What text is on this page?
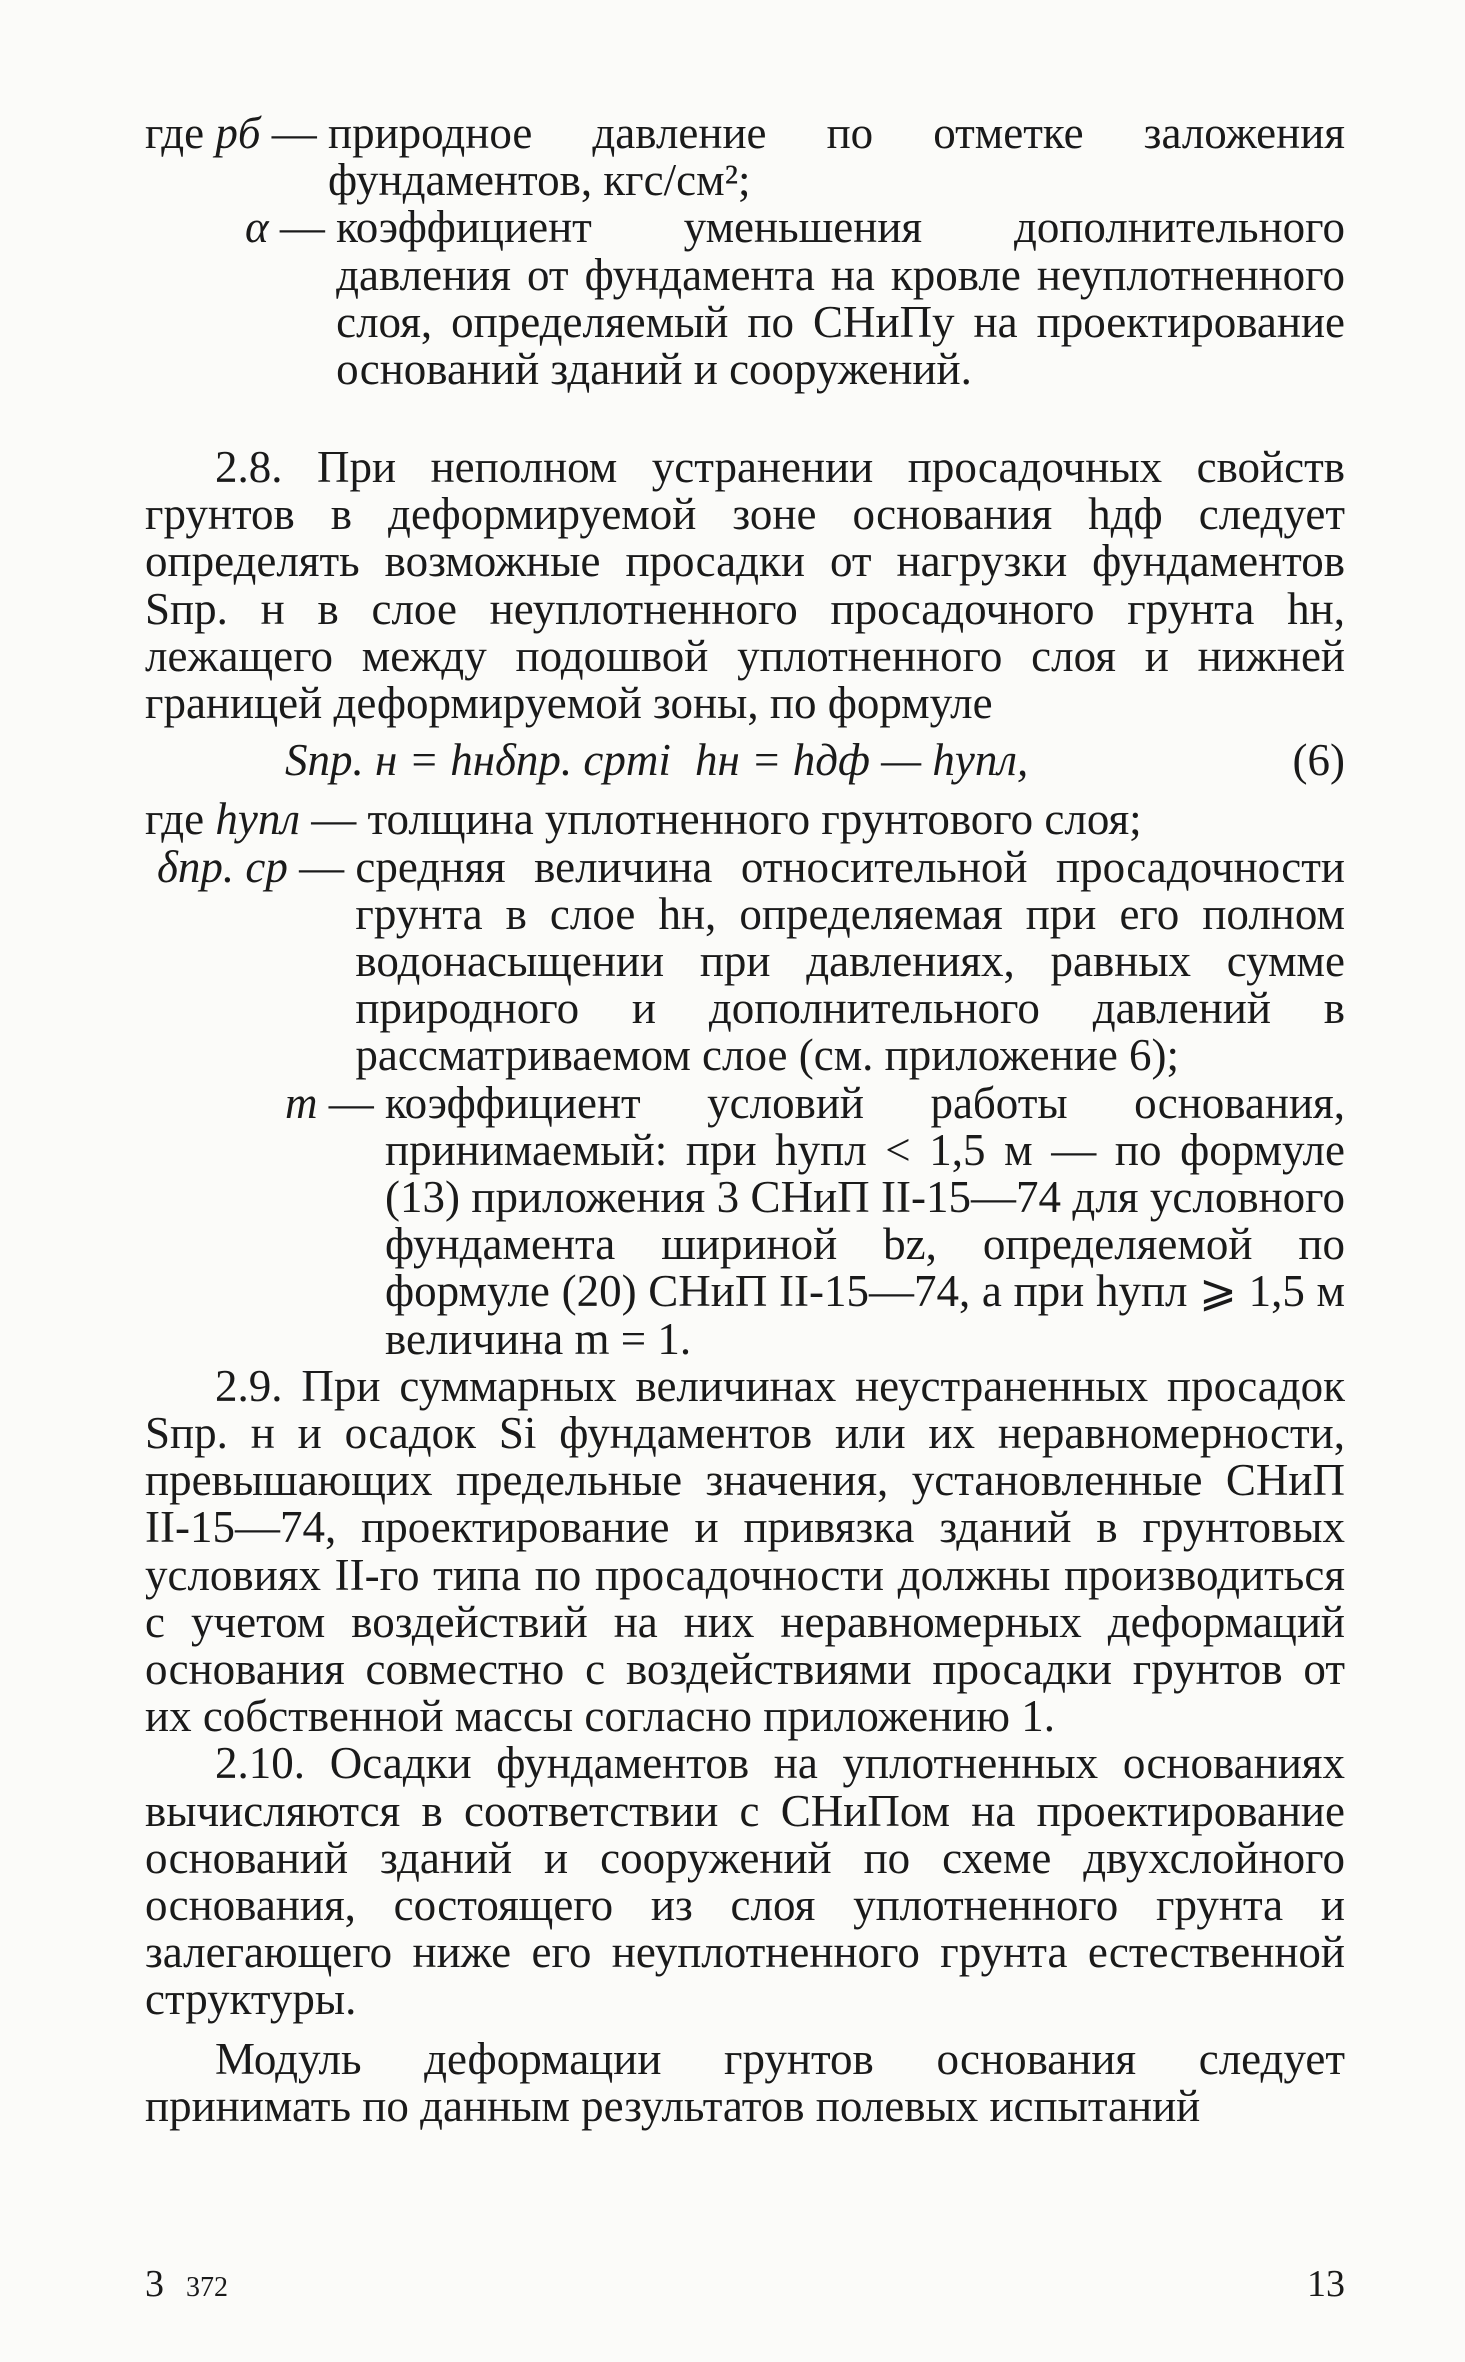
где pб — природное давление по отметке заложения фундаментов, кгс/см²;
α — коэффициент уменьшения дополнительного давления от фундамента на кровле неуплотненного слоя, определяемый по СНиПу на проектирование оснований зданий и сооружений.

2.8. При неполном устранении просадочных свойств грунтов в деформируемой зоне основания hдф следует определять возможные просадки от нагрузки фундаментов Sпр. н в слое неуплотненного просадочного грунта hн, лежащего между подошвой уплотненного слоя и нижней границей деформируемой зоны, по формуле

Sпр. н = hнδпр. срmi hн = hдф — hупл,	(6)
где hупл — толщина уплотненного грунтового слоя;
δпр. ср — средняя величина относительной просадочности грунта в слое hн, определяемая при его полном водонасыщении при давлениях, равных сумме природного и дополнительного давлений в рассматриваемом слое (см. приложение 6);
m — коэффициент условий работы основания, принимаемый: при hупл < 1,5 м — по формуле (13) приложения 3 СНиП II-15—74 для условного фундамента шириной bz, определяемой по формуле (20) СНиП II-15—74, а при hупл ⩾ 1,5 м величина m = 1.

2.9. При суммарных величинах неустраненных просадок Sпр. н и осадок Si фундаментов или их неравномерности, превышающих предельные значения, установленные СНиП II-15—74, проектирование и привязка зданий в грунтовых условиях II-го типа по просадочности должны производиться с учетом воздействий на них неравномерных деформаций основания совместно с воздействиями просадки грунтов от их собственной массы согласно приложению 1.

2.10. Осадки фундаментов на уплотненных основаниях вычисляются в соответствии с СНиПом на проектирование оснований зданий и сооружений по схеме двухслойного основания, состоящего из слоя уплотненного грунта и залегающего ниже его неуплотненного грунта естественной структуры.

Модуль деформации грунтов основания следует принимать по данным результатов полевых испытаний

3 372	13
